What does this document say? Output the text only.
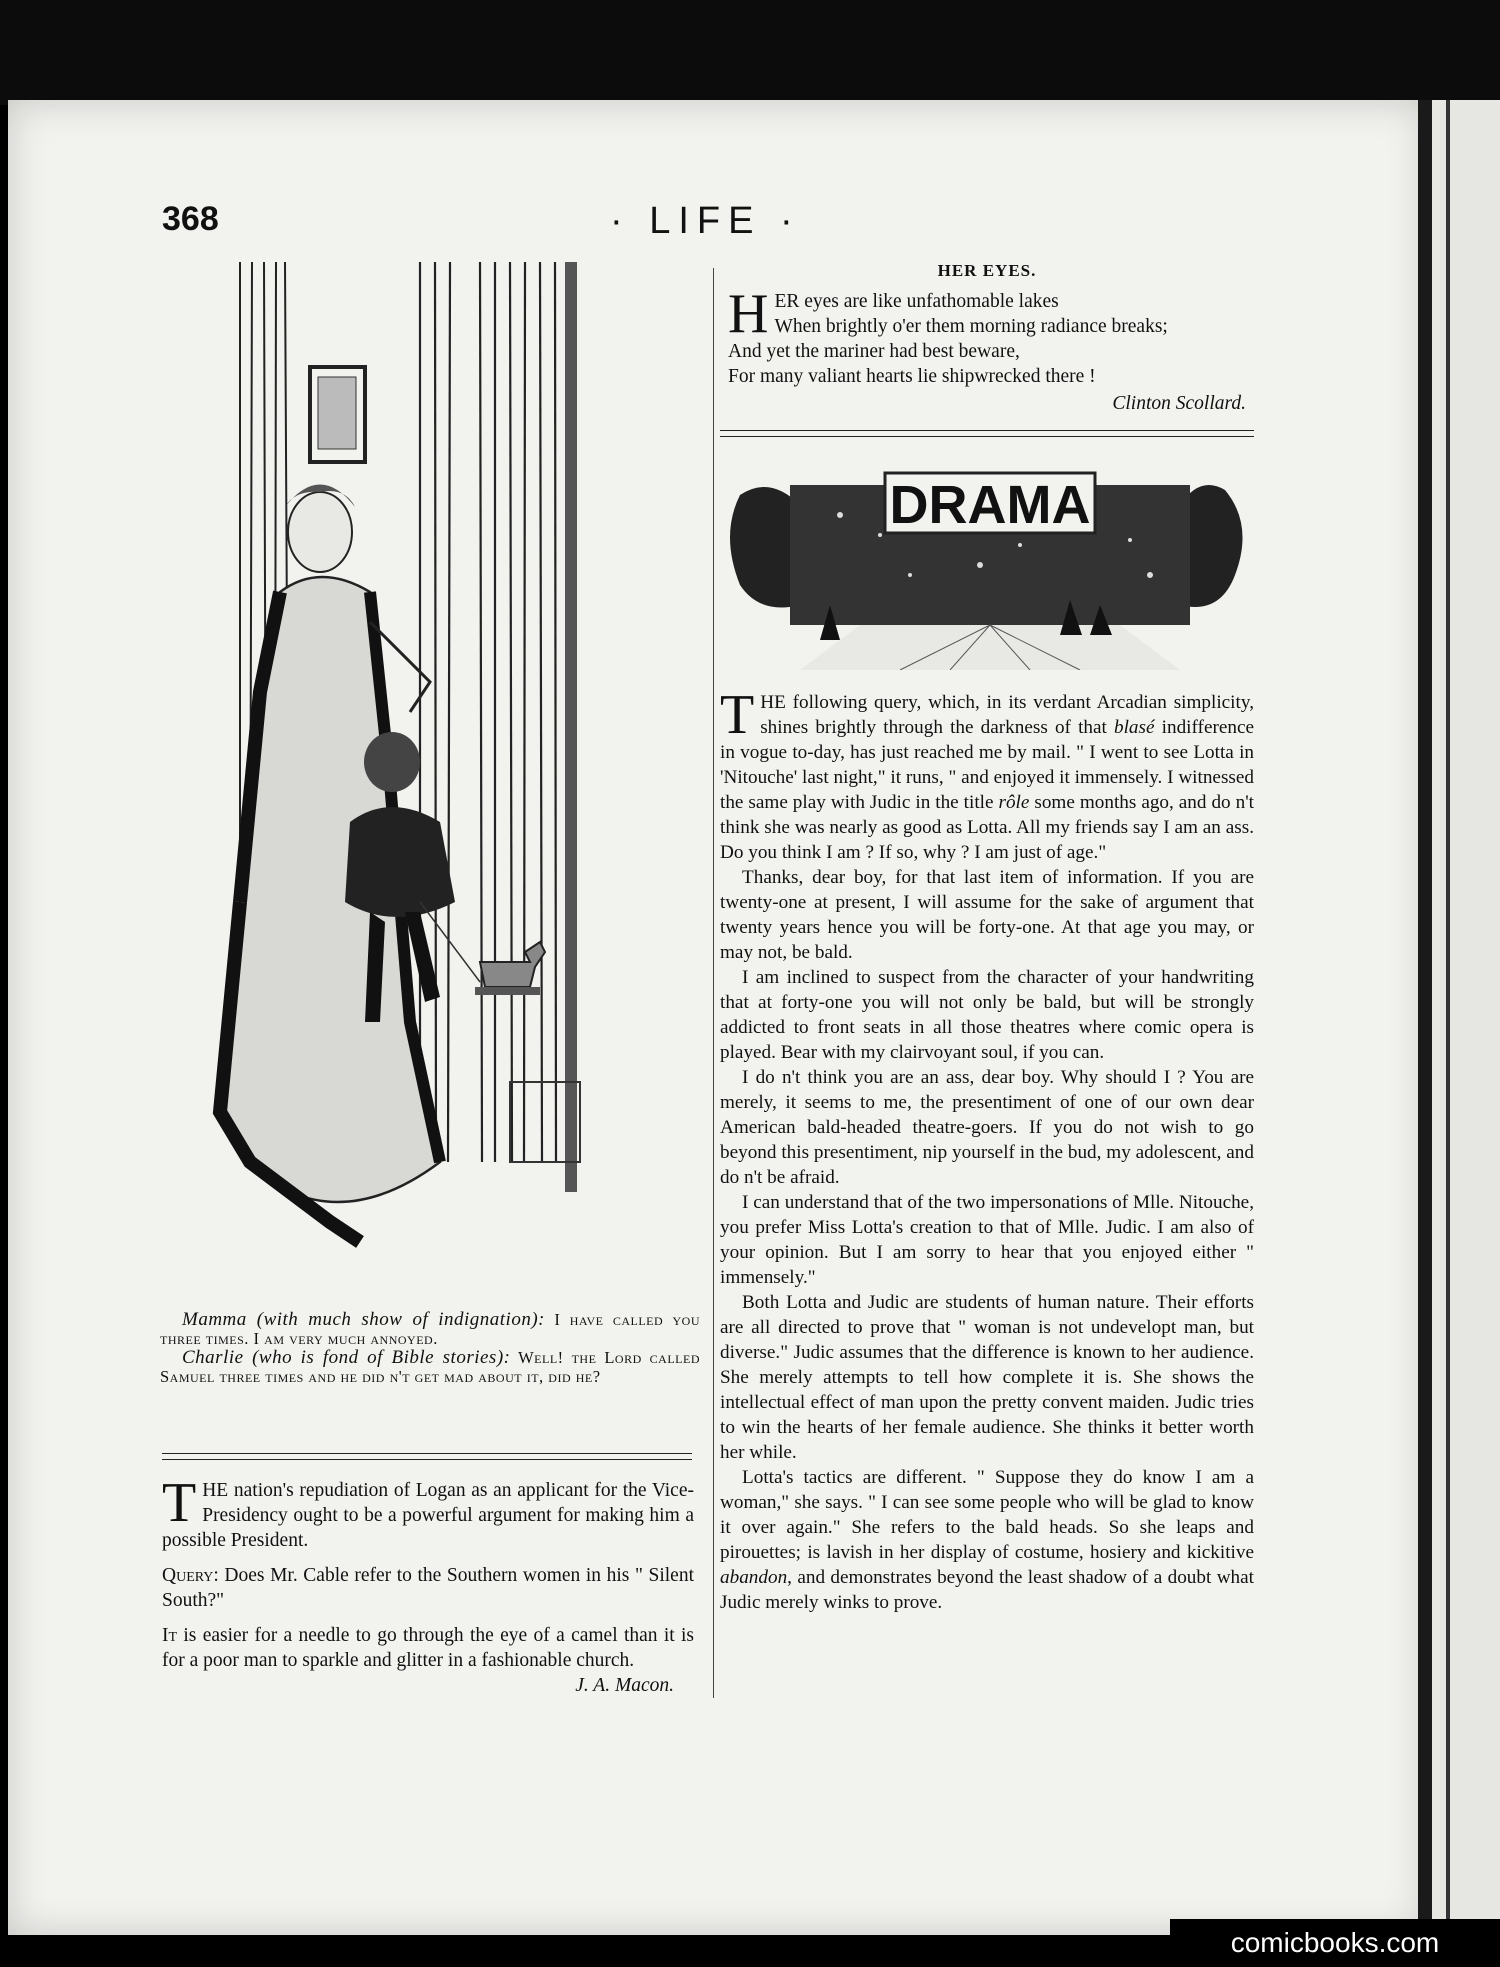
368	· LIFE ·

Mamma (with much show of indignation): I have called you three times. I am very much annoyed.

Charlie (who is fond of Bible stories): Well! the Lord called Samuel three times and he did n't get mad about it, did he?

THE nation's repudiation of Logan as an applicant for the Vice-Presidency ought to be a powerful argument for making him a possible President.

Query: Does Mr. Cable refer to the Southern women in his " Silent South?"

It is easier for a needle to go through the eye of a camel than it is for a poor man to sparkle and glitter in a fashionable church.
J. A. Macon.

HER EYES.
HER eyes are like unfathomable lakes
When brightly o'er them morning radiance breaks;
And yet the mariner had best beware,
For many valiant hearts lie shipwrecked there !
Clinton Scollard.
DRAMA

THE following query, which, in its verdant Arcadian simplicity, shines brightly through the darkness of that blasé indifference in vogue to-day, has just reached me by mail. " I went to see Lotta in 'Nitouche' last night," it runs, " and enjoyed it immensely. I witnessed the same play with Judic in the title rôle some months ago, and do n't think she was nearly as good as Lotta. All my friends say I am an ass. Do you think I am ? If so, why ? I am just of age."

Thanks, dear boy, for that last item of information. If you are twenty-one at present, I will assume for the sake of argument that twenty years hence you will be forty-one. At that age you may, or may not, be bald.

I am inclined to suspect from the character of your handwriting that at forty-one you will not only be bald, but will be strongly addicted to front seats in all those theatres where comic opera is played. Bear with my clairvoyant soul, if you can.

I do n't think you are an ass, dear boy. Why should I ? You are merely, it seems to me, the presentiment of one of our own dear American bald-headed theatre-goers. If you do not wish to go beyond this presentiment, nip yourself in the bud, my adolescent, and do n't be afraid.

I can understand that of the two impersonations of Mlle. Nitouche, you prefer Miss Lotta's creation to that of Mlle. Judic. I am also of your opinion. But I am sorry to hear that you enjoyed either " immensely."

Both Lotta and Judic are students of human nature. Their efforts are all directed to prove that " woman is not undevelopt man, but diverse." Judic assumes that the difference is known to her audience. She merely attempts to tell how complete it is. She shows the intellectual effect of man upon the pretty convent maiden. Judic tries to win the hearts of her female audience. She thinks it better worth her while.

Lotta's tactics are different. " Suppose they do know I am a woman," she says. " I can see some people who will be glad to know it over again." She refers to the bald heads. So she leaps and pirouettes; is lavish in her display of costume, hosiery and kickitive abandon, and demonstrates beyond the least shadow of a doubt what Judic merely winks to prove.

comicbooks.com
